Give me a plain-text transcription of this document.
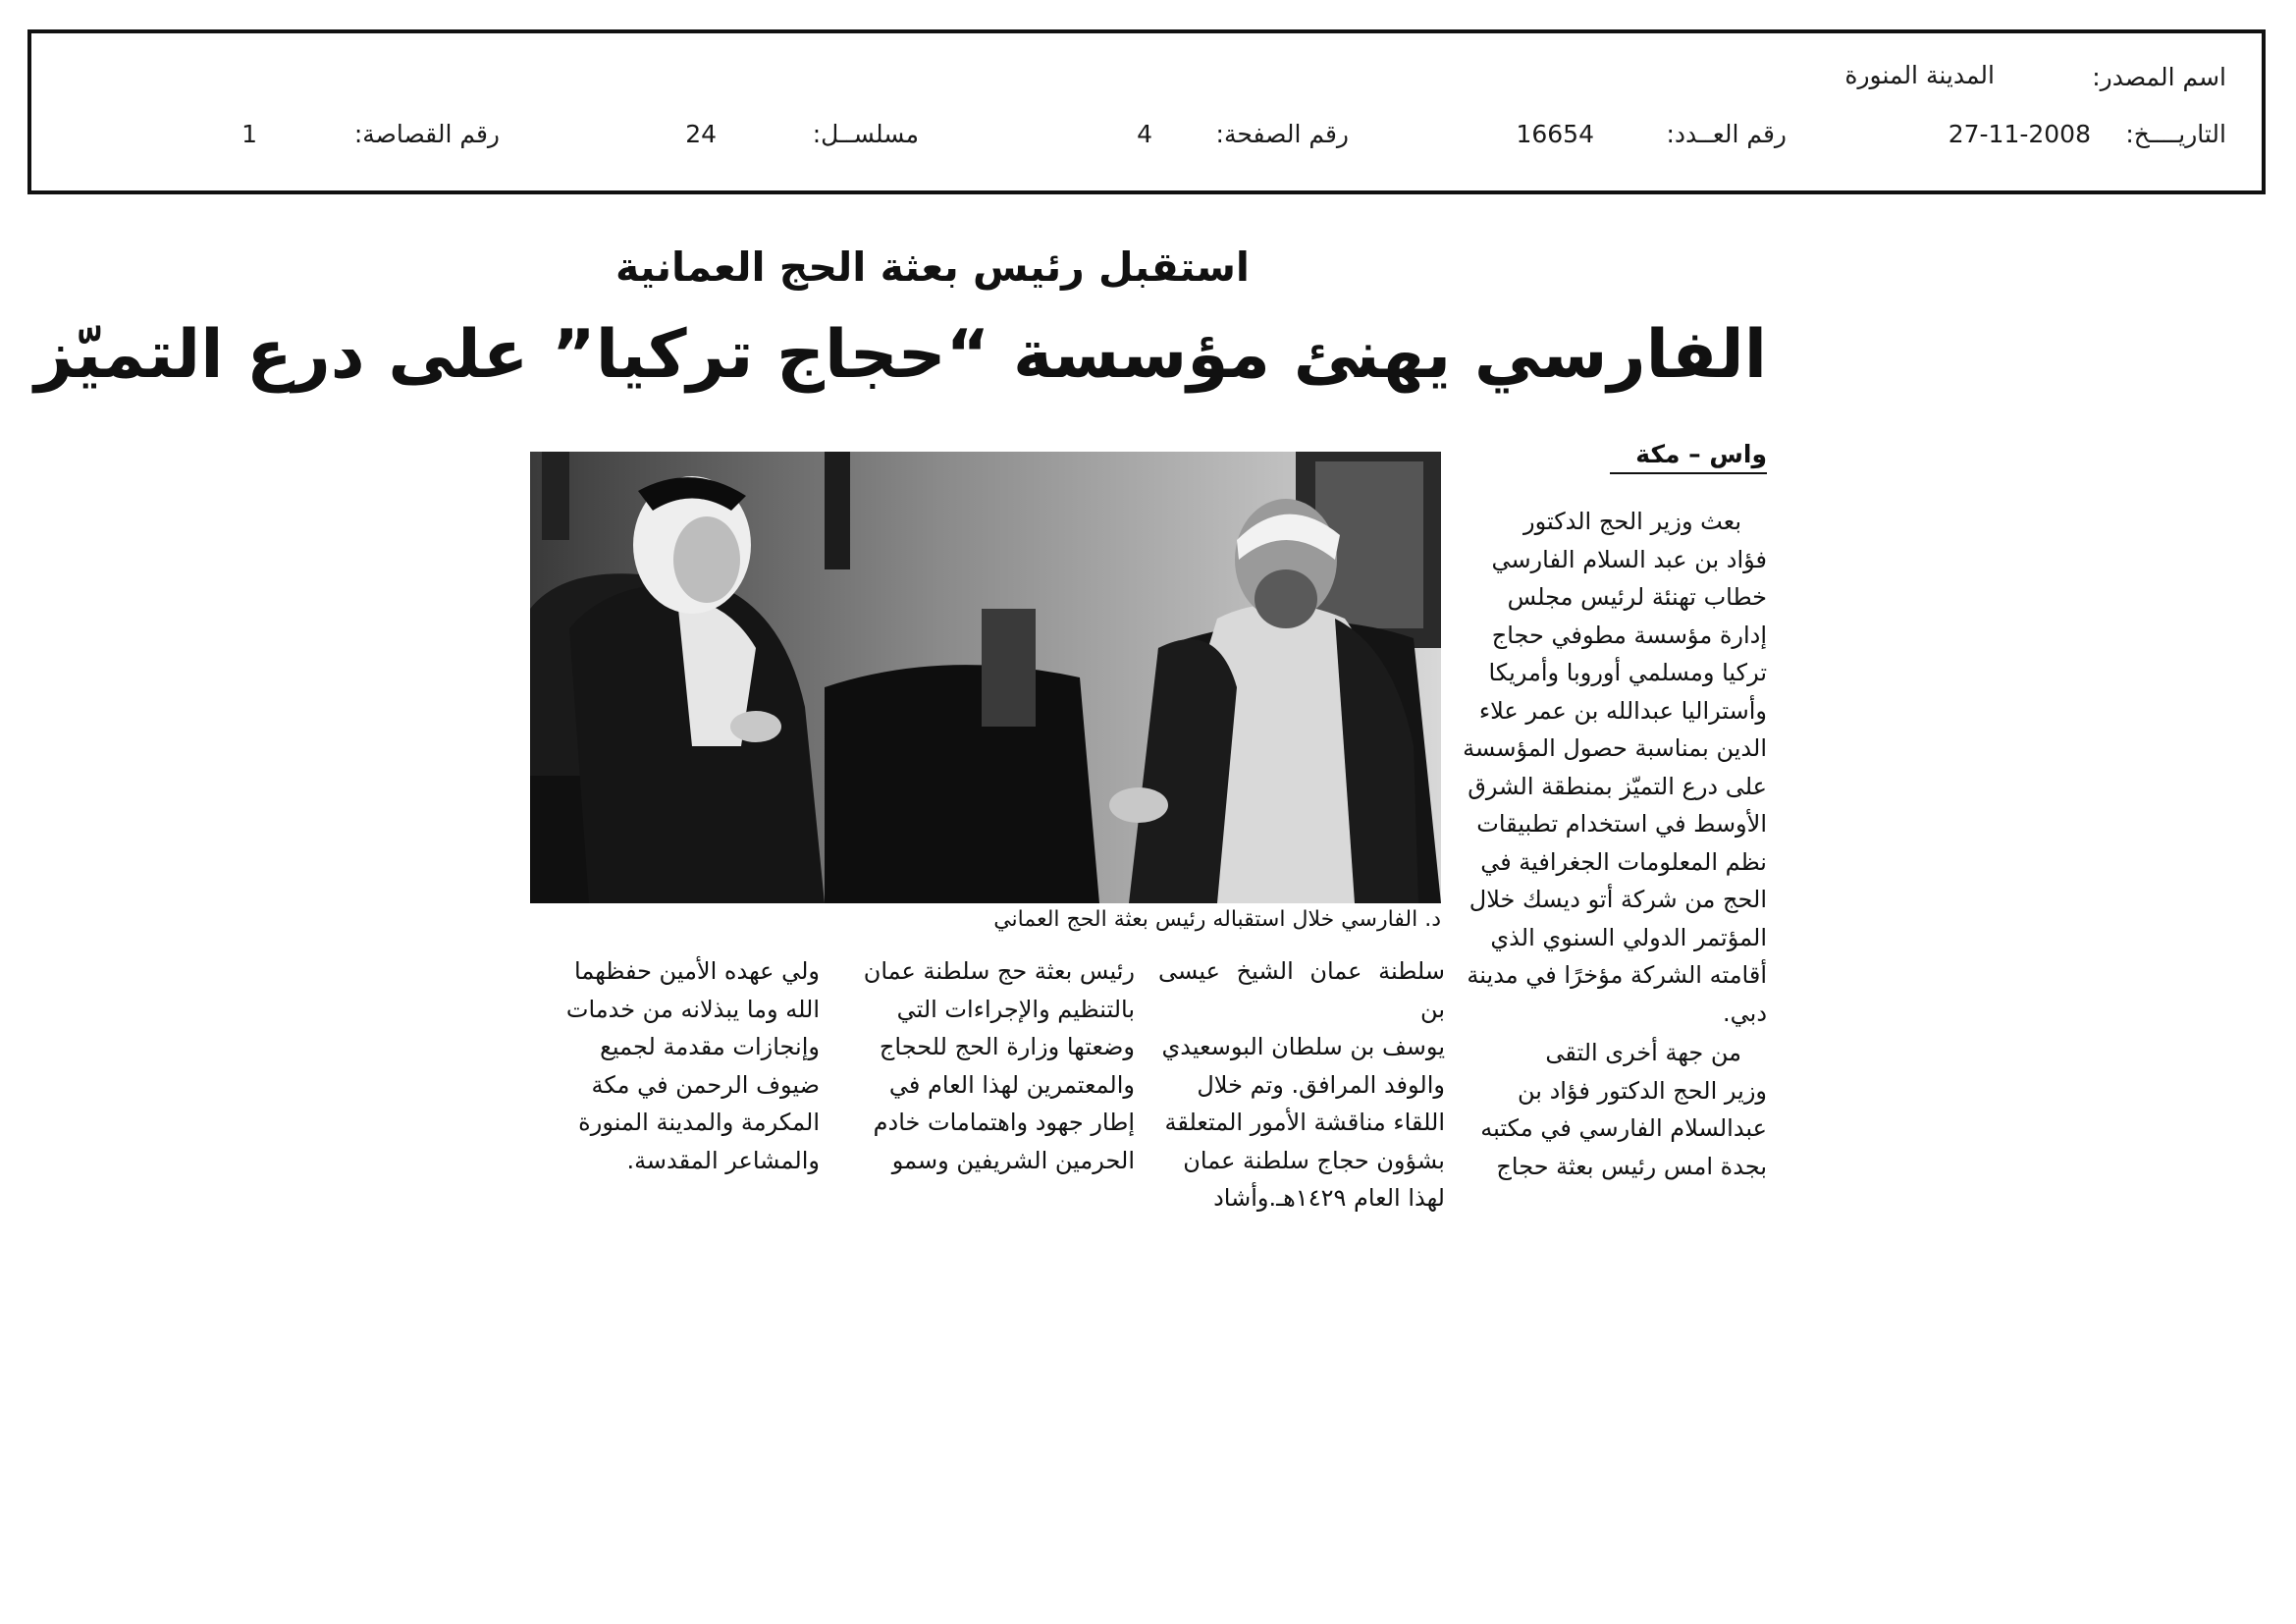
اسم المصدر:
المدينة المنورة
التاريــــخ:
27-11-2008
رقم العــدد:
16654
رقم الصفحة:
4
مسلســل:
24
رقم القصاصة:
1
استقبل رئيس بعثة الحج العمانية
الفارسي يهنئ مؤسسة “حجاج تركيا” على درع التميّز
واس – مكة
د. الفارسي خلال استقباله رئيس بعثة الحج العماني

بعث وزير الحج الدكتور

فؤاد بن عبد السلام الفارسي

خطاب تهنئة لرئيس مجلس

إدارة مؤسسة مطوفي حجاج

تركيا ومسلمي أوروبا وأمريكا

وأستراليا عبدالله بن عمر علاء

الدين بمناسبة حصول المؤسسة

على درع التميّز بمنطقة الشرق

الأوسط في استخدام تطبيقات

نظم المعلومات الجغرافية في

الحج من شركة أتو ديسك خلال

المؤتمر الدولي السنوي الذي

أقامته الشركة مؤخرًا في مدينة

دبي.

من جهة أخرى التقى

وزير الحج الدكتور فؤاد بن

عبدالسلام الفارسي في مكتبه

بجدة امس رئيس بعثة حجاج

سلطنة عمان الشيخ عيسى بن

يوسف بن سلطان البوسعيدي

والوفد المرافق. وتم خلال

اللقاء مناقشة الأمور المتعلقة

بشؤون حجاج سلطنة عمان

لهذا العام ١٤٢٩هـ.وأشاد

رئيس بعثة حج سلطنة عمان

بالتنظيم والإجراءات التي

وضعتها وزارة الحج للحجاج

والمعتمرين لهذا العام في

إطار جهود واهتمامات خادم

الحرمين الشريفين وسمو

ولي عهده الأمين حفظهما

الله وما يبذلانه من خدمات

وإنجازات مقدمة لجميع

ضيوف الرحمن في مكة

المكرمة والمدينة المنورة

والمشاعر المقدسة.
